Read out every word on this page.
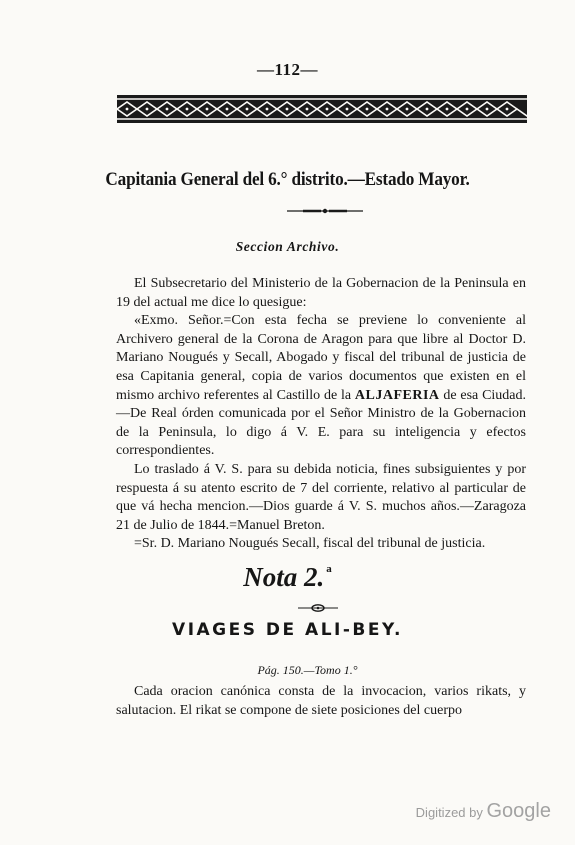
—112—
Capitania General del 6.° distrito.—Estado Mayor.
Seccion Archivo.

El Subsecretario del Ministerio de la Gobernacion de la Peninsula en 19 del actual me dice lo quesigue:

«Exmo. Señor.=Con esta fecha se previene lo conveniente al Archivero general de la Corona de Aragon para que libre al Doctor D. Mariano Nougués y Secall, Abogado y fiscal del tribunal de justicia de esa Capitania general, copia de varios documentos que existen en el mismo archivo referentes al Castillo de la ALJAFERIA de esa Ciudad.—De Real órden comunicada por el Señor Ministro de la Gobernacion de la Peninsula, lo digo á V. E. para su inteligencia y efectos correspondientes.

Lo traslado á V. S. para su debida noticia, fines subsiguientes y por respuesta á su atento escrito de 7 del corriente, relativo al particular de que vá hecha mencion.—Dios guarde á V. S. muchos años.—Zaragoza 21 de Julio de 1844.=Manuel Breton.

=Sr. D. Mariano Nougués Secall, fiscal del tribunal de justicia.

Nota 2. $^a$
VIAGES DE ALI-BEY.
Pág. 150.—Tomo 1.°

Cada oracion canónica consta de la invocacion, varios rikats, y salutacion. El rikat se compone de siete posiciones del cuerpo

Digitized by Google
